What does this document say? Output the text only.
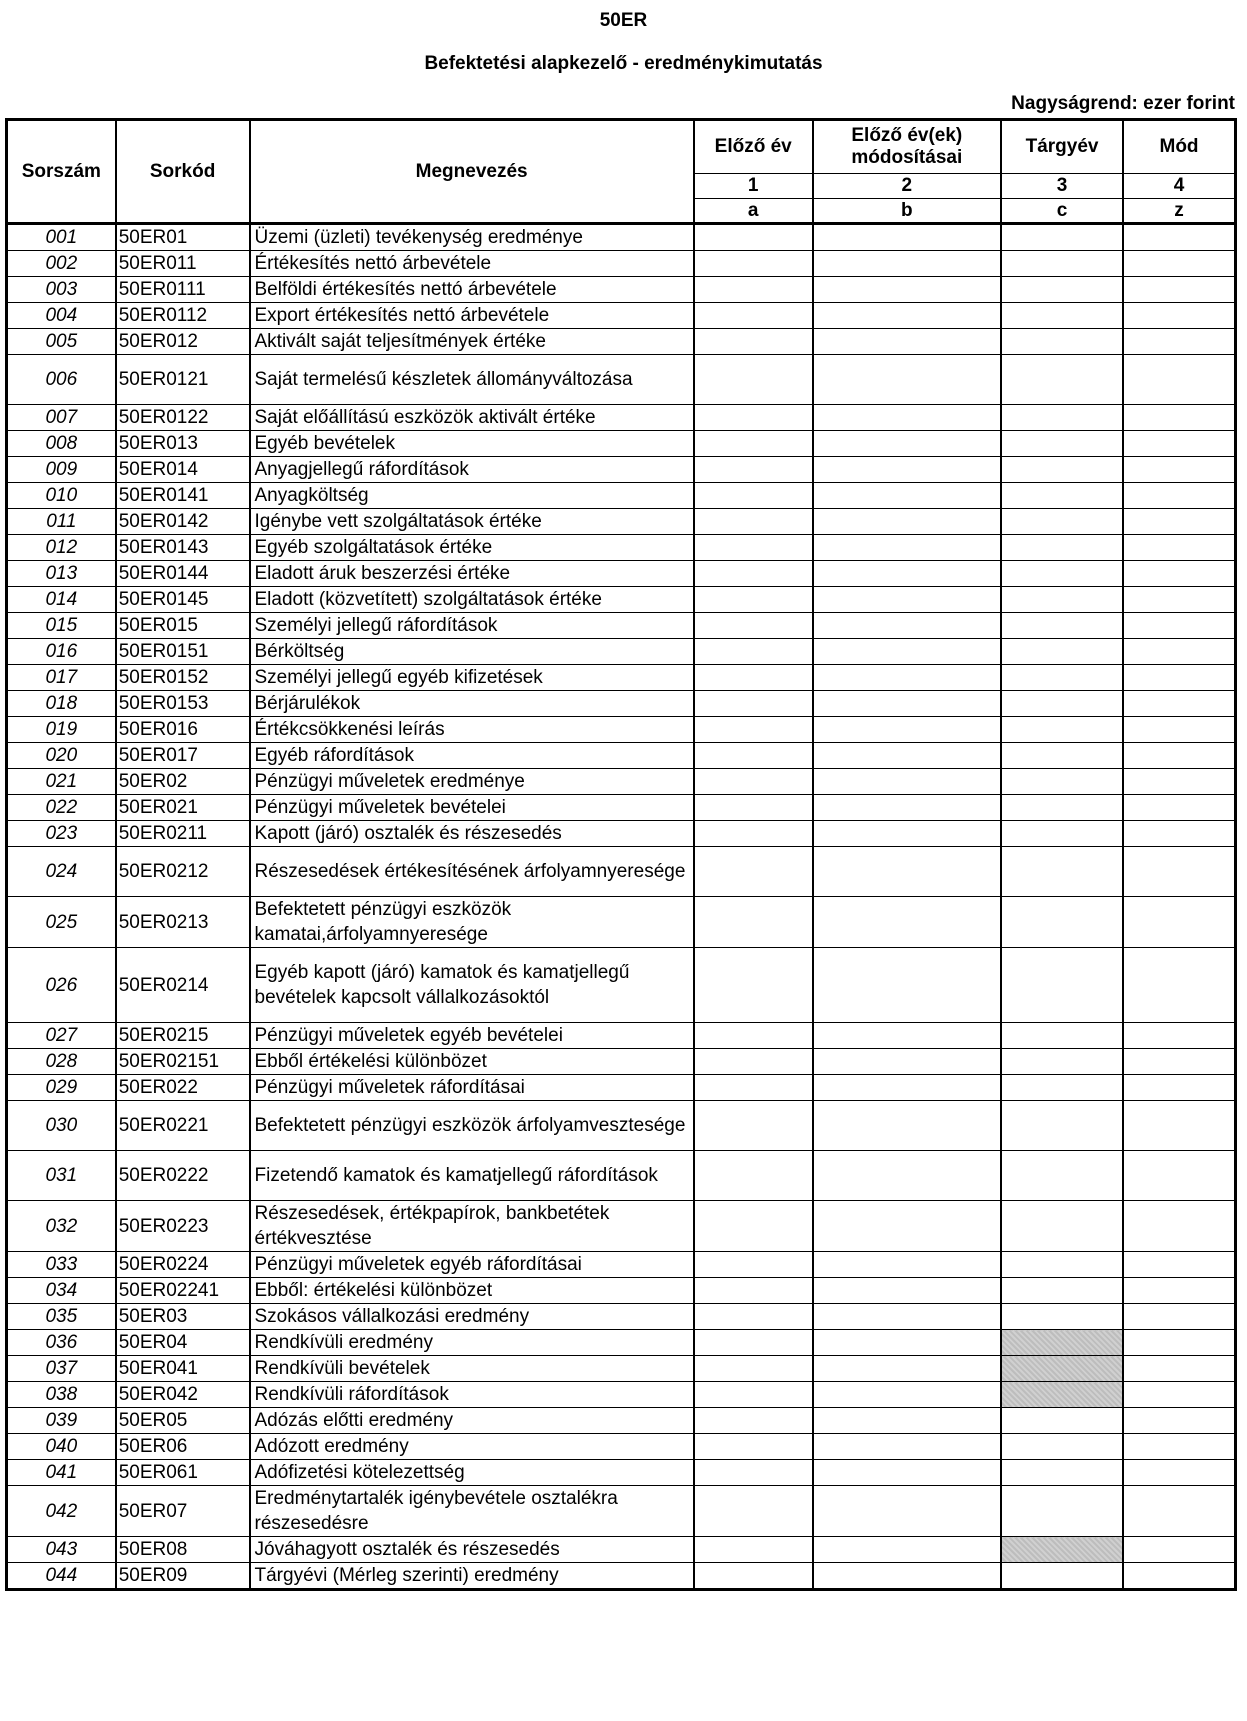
50ER
Befektetési alapkezelő - eredménykimutatás
Nagyságrend: ezer forint
Sorszám	Sorkód	Megnevezés	Előző év	Előző év(ek) módosításai	Tárgyév	Mód
			1	2	3	4
			a	b	c	z
001	50ER01	Üzemi (üzleti) tevékenység eredménye				
002	50ER011	Értékesítés nettó árbevétele				
003	50ER0111	Belföldi értékesítés nettó árbevétele				
004	50ER0112	Export értékesítés nettó árbevétele				
005	50ER012	Aktivált saját teljesítmények értéke				
006	50ER0121	Saját termelésű készletek állományváltozása				
007	50ER0122	Saját előállítású eszközök aktivált értéke				
008	50ER013	Egyéb bevételek				
009	50ER014	Anyagjellegű ráfordítások				
010	50ER0141	Anyagköltség				
011	50ER0142	Igénybe vett szolgáltatások értéke				
012	50ER0143	Egyéb szolgáltatások értéke				
013	50ER0144	Eladott áruk beszerzési értéke				
014	50ER0145	Eladott (közvetített) szolgáltatások értéke				
015	50ER015	Személyi jellegű ráfordítások				
016	50ER0151	Bérköltség				
017	50ER0152	Személyi jellegű egyéb kifizetések				
018	50ER0153	Bérjárulékok				
019	50ER016	Értékcsökkenési leírás				
020	50ER017	Egyéb ráfordítások				
021	50ER02	Pénzügyi műveletek eredménye				
022	50ER021	Pénzügyi műveletek bevételei				
023	50ER0211	Kapott (járó) osztalék és részesedés				
024	50ER0212	Részesedések értékesítésének árfolyamnyeresége				
025	50ER0213	Befektetett pénzügyi eszközök kamatai,árfolyamnyeresége				
026	50ER0214	Egyéb kapott (járó) kamatok és kamatjellegű bevételek kapcsolt vállalkozásoktól				
027	50ER0215	Pénzügyi műveletek egyéb bevételei				
028	50ER02151	Ebből értékelési különbözet				
029	50ER022	Pénzügyi műveletek ráfordításai				
030	50ER0221	Befektetett pénzügyi eszközök árfolyamvesztesége				
031	50ER0222	Fizetendő kamatok és kamatjellegű ráfordítások				
032	50ER0223	Részesedések, értékpapírok, bankbetétek értékvesztése				
033	50ER0224	Pénzügyi műveletek egyéb ráfordításai				
034	50ER02241	Ebből: értékelési különbözet				
035	50ER03	Szokásos vállalkozási eredmény				
036	50ER04	Rendkívüli eredmény				
037	50ER041	Rendkívüli bevételek				
038	50ER042	Rendkívüli ráfordítások				
039	50ER05	Adózás előtti eredmény				
040	50ER06	Adózott eredmény				
041	50ER061	Adófizetési kötelezettség				
042	50ER07	Eredménytartalék igénybevétele osztalékra részesedésre				
043	50ER08	Jóváhagyott osztalék és részesedés				
044	50ER09	Tárgyévi (Mérleg szerinti) eredmény				
